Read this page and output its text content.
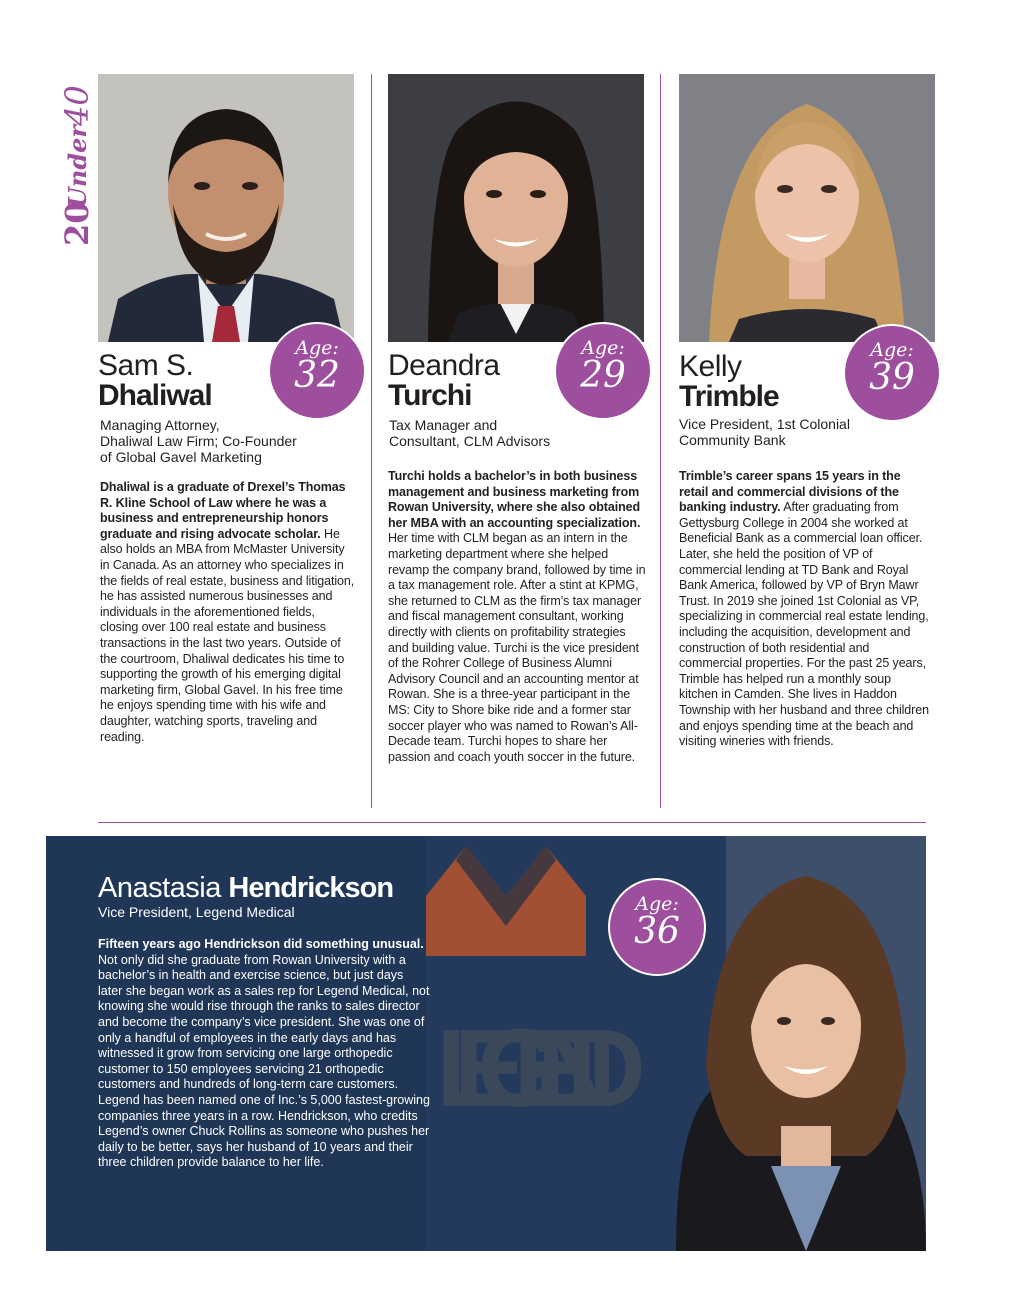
20
Under
40
Age:
32
Age:
29
Age:
39
Sam S.
Dhaliwal
Deandra
Turchi
Kelly
Trimble
Managing Attorney,
Dhaliwal Law Firm; Co-Founder
of Global Gavel Marketing
Tax Manager and
Consultant, CLM Advisors
Vice President, 1st Colonial
Community Bank
Dhaliwal is a graduate of Drexel’s Thomas R. Kline School of Law where he was a business and entrepreneurship honors graduate and rising advocate scholar. He also holds an MBA from McMaster University in Canada. As an attorney who specializes in the fields of real estate, business and litigation, he has assisted numerous businesses and individuals in the aforementioned fields, closing over 100 real estate and business transactions in the last two years. Outside of the courtroom, Dhaliwal dedicates his time to supporting the growth of his emerging digital marketing firm, Global Gavel. In his free time he enjoys spending time with his wife and daughter, watching sports, traveling and reading.
Turchi holds a bachelor’s in both business management and business marketing from Rowan University, where she also obtained her MBA with an accounting specialization. Her time with CLM began as an intern in the marketing department where she helped revamp the company brand, followed by time in a tax management role. After a stint at KPMG, she returned to CLM as the firm’s tax manager and fiscal management consultant, working directly with clients on profitability strategies and building value. Turchi is the vice president of the Rohrer College of Business Alumni Advisory Council and an accounting mentor at Rowan. She is a three-year participant in the MS: City to Shore bike ride and a former star soccer player who was named to Rowan’s All-Decade team. Turchi hopes to share her passion and coach youth soccer in the future.
Trimble’s career spans 15 years in the retail and commercial divisions of the banking industry. After graduating from Gettysburg College in 2004 she worked at Beneficial Bank as a commercial loan officer. Later, she held the position of VP of commercial lending at TD Bank and Royal Bank America, followed by VP of Bryn Mawr Trust. In 2019 she joined 1st Colonial as VP, specializing in commercial real estate lending, including the acquisition, development and construction of both residential and commercial properties. For the past 25 years, Trimble has helped run a monthly soup kitchen in Camden. She lives in Haddon Township with her husband and three children and enjoys spending time at the beach and visiting wineries with friends.
LEGEND
Age:
36
Anastasia Hendrickson
Vice President, Legend Medical
Fifteen years ago Hendrickson did something unusual. Not only did she graduate from Rowan University with a bachelor’s in health and exercise science, but just days later she began work as a sales rep for Legend Medical, not knowing she would rise through the ranks to sales director and become the company’s vice president. She was one of only a handful of employees in the early days and has witnessed it grow from servicing one large orthopedic customer to 150 employees servicing 21 orthopedic customers and hundreds of long-term care customers. Legend has been named one of Inc.’s 5,000 fastest-growing companies three years in a row. Hendrickson, who credits Legend’s owner Chuck Rollins as someone who pushes her daily to be better, says her husband of 10 years and their three children provide balance to her life.
